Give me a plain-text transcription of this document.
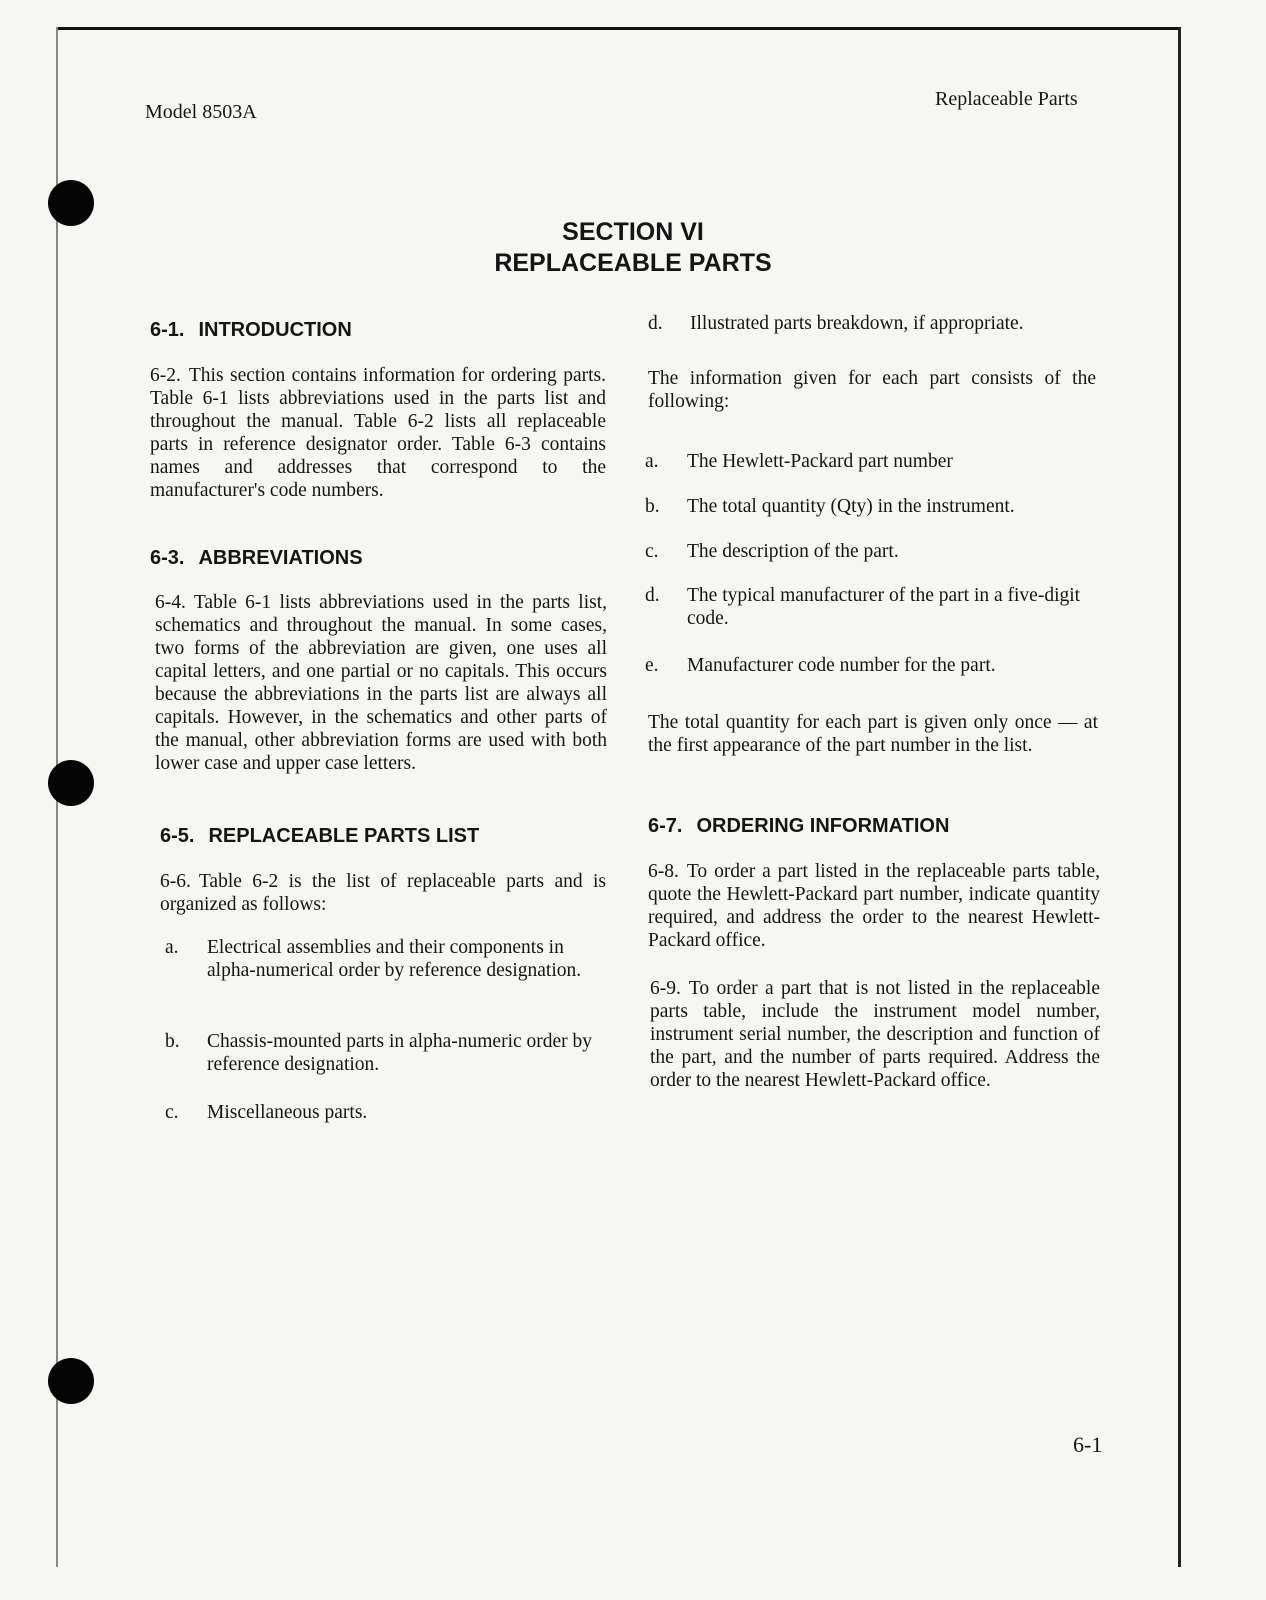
Model 8503A
Replaceable Parts
SECTION VI
REPLACEABLE PARTS
6-1. INTRODUCTION
6-2. This section contains information for ordering parts. Table 6-1 lists abbreviations used in the parts list and throughout the manual. Table 6-2 lists all replaceable parts in reference designator order. Table 6-3 contains names and addresses that correspond to the manufacturer's code numbers.
6-3. ABBREVIATIONS
6-4. Table 6-1 lists abbreviations used in the parts list, schematics and throughout the manual. In some cases, two forms of the abbreviation are given, one uses all capital letters, and one partial or no capitals. This occurs because the abbreviations in the parts list are always all capitals. However, in the schematics and other parts of the manual, other abbreviation forms are used with both lower case and upper case letters.
6-5. REPLACEABLE PARTS LIST
6-6. Table 6-2 is the list of replaceable parts and is organized as follows:
a. Electrical assemblies and their components in alpha-numerical order by reference designation.
b. Chassis-mounted parts in alpha-numeric order by reference designation.
c. Miscellaneous parts.
d. Illustrated parts breakdown, if appropriate.
The information given for each part consists of the following:
a. The Hewlett-Packard part number
b. The total quantity (Qty) in the instrument.
c. The description of the part.
d. The typical manufacturer of the part in a five-digit code.
e. Manufacturer code number for the part.
The total quantity for each part is given only once — at the first appearance of the part number in the list.
6-7. ORDERING INFORMATION
6-8. To order a part listed in the replaceable parts table, quote the Hewlett-Packard part number, indicate quantity required, and address the order to the nearest Hewlett-Packard office.
6-9. To order a part that is not listed in the replaceable parts table, include the instrument model number, instrument serial number, the description and function of the part, and the number of parts required. Address the order to the nearest Hewlett-Packard office.
6-1
